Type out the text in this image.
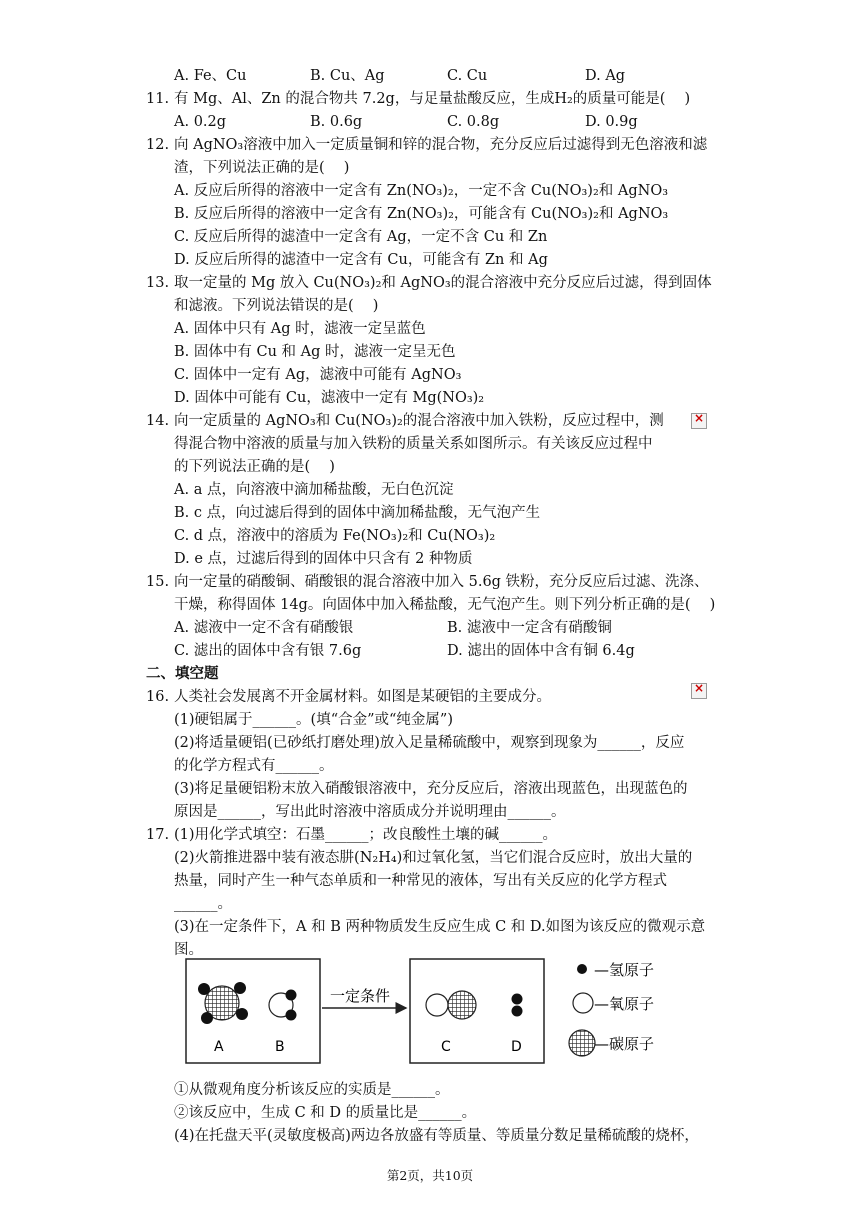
A. Fe、Cu	B. Cu、Ag	C. Cu	D. Ag
11. 有 Mg、Al、Zn 的混合物共 7.2g，与足量盐酸反应，生成H₂的质量可能是(　 )
A. 0.2g	B. 0.6g	C. 0.8g	D. 0.9g
12. 向 AgNO₃溶液中加入一定质量铜和锌的混合物，充分反应后过滤得到无色溶液和滤
渣，下列说法正确的是(　 )
A. 反应后所得的溶液中一定含有 Zn(NO₃)₂，一定不含 Cu(NO₃)₂和 AgNO₃
B. 反应后所得的溶液中一定含有 Zn(NO₃)₂，可能含有 Cu(NO₃)₂和 AgNO₃
C. 反应后所得的滤渣中一定含有 Ag，一定不含 Cu 和 Zn
D. 反应后所得的滤渣中一定含有 Cu，可能含有 Zn 和 Ag
13. 取一定量的 Mg 放入 Cu(NO₃)₂和 AgNO₃的混合溶液中充分反应后过滤，得到固体
和滤液。下列说法错误的是(　 )
A. 固体中只有 Ag 时，滤液一定呈蓝色
B. 固体中有 Cu 和 Ag 时，滤液一定呈无色
C. 固体中一定有 Ag，滤液中可能有 AgNO₃
D. 固体中可能有 Cu，滤液中一定有 Mg(NO₃)₂
14. 向一定质量的 AgNO₃和 Cu(NO₃)₂的混合溶液中加入铁粉，反应过程中，测
得混合物中溶液的质量与加入铁粉的质量关系如图所示。有关该反应过程中
的下列说法正确的是(　 )
×
A. a 点，向溶液中滴加稀盐酸，无白色沉淀
B. c 点，向过滤后得到的固体中滴加稀盐酸，无气泡产生
C. d 点，溶液中的溶质为 Fe(NO₃)₂和 Cu(NO₃)₂
D. e 点，过滤后得到的固体中只含有 2 种物质
15. 向一定量的硝酸铜、硝酸银的混合溶液中加入 5.6g 铁粉，充分反应后过滤、洗涤、
干燥，称得固体 14g。向固体中加入稀盐酸，无气泡产生。则下列分析正确的是(　 )
A. 滤液中一定不含有硝酸银	B. 滤液中一定含有硝酸铜
C. 滤出的固体中含有银 7.6g	D. 滤出的固体中含有铜 6.4g
二、填空题
16. 人类社会发展离不开金属材料。如图是某硬铝的主要成分。
×
(1)硬铝属于______。(填“合金”或“纯金属”)
(2)将适量硬铝(已砂纸打磨处理)放入足量稀硫酸中，观察到现象为______，反应
的化学方程式有______。
(3)将足量硬铝粉末放入硝酸银溶液中，充分反应后，溶液出现蓝色，出现蓝色的
原因是______，写出此时溶液中溶质成分并说明理由______。
17. (1)用化学式填空：石墨______；改良酸性土壤的碱______。
(2)火箭推进器中装有液态肼(N₂H₄)和过氧化氢，当它们混合反应时，放出大量的
热量，同时产生一种气态单质和一种常见的液体，写出有关反应的化学方程式
______。
(3)在一定条件下，A 和 B 两种物质发生反应生成 C 和 D.如图为该反应的微观示意
图。
A	B
一定条件
C	D
—氢原子
—氧原子
—碳原子
①从微观角度分析该反应的实质是______。
②该反应中，生成 C 和 D 的质量比是______。
(4)在托盘天平(灵敏度极高)两边各放盛有等质量、等质量分数足量稀硫酸的烧杯，
第2页，共10页
